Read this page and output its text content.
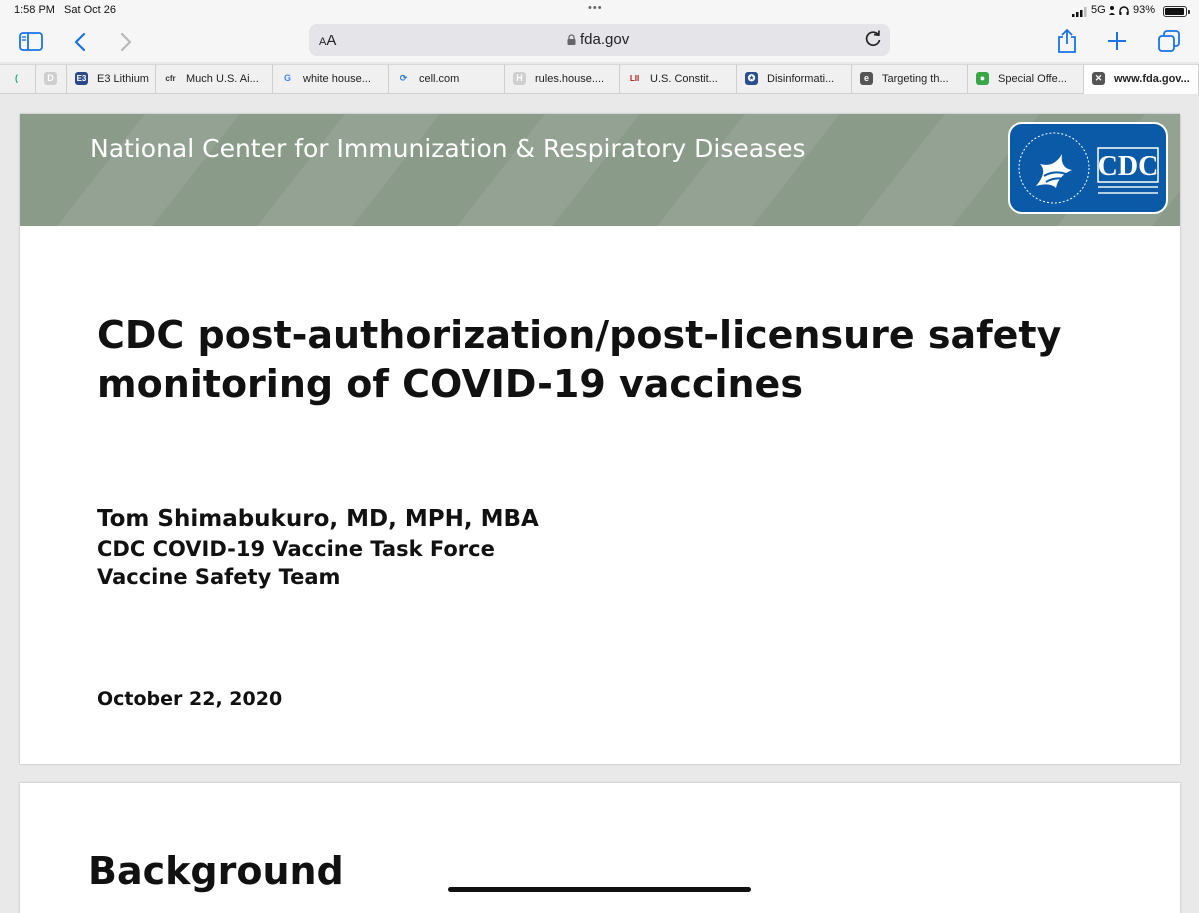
1:58 PM Sat Oct 26	•••	5G 93%
AA	fda.gov
(	D	E3 E3 Lithium cfr Much U.S. Ai...	G white house...	⟳ cell.com	H rules.house....	LII U.S. Constit...	✪ Disinformati...	e	Targeting th...	●	Special Offe...	✕ www.fda.gov...
National Center for Immunization & Respiratory Diseases
CDC
CDC post-authorization/post-licensure safety monitoring of COVID-19 vaccines
Tom Shimabukuro, MD, MPH, MBA
CDC COVID-19 Vaccine Task Force
Vaccine Safety Team
October 22, 2020
Background
